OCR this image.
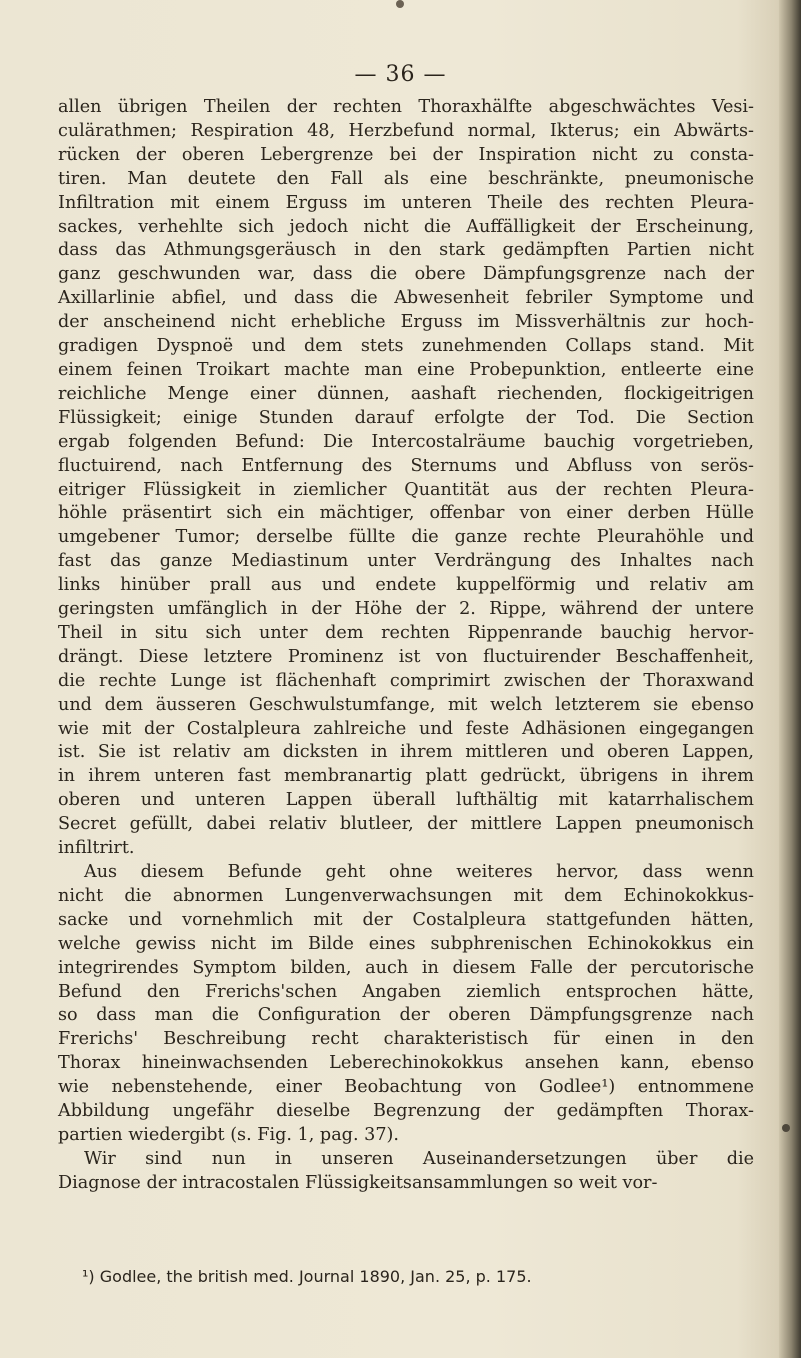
— 36 —
allen übrigen Theilen der rechten Thoraxhälfte abgeschwächtes Vesi-
culärathmen; Respiration 48, Herzbefund normal, Ikterus; ein Abwärts-
rücken der oberen Lebergrenze bei der Inspiration nicht zu consta-
tiren. Man deutete den Fall als eine beschränkte, pneumonische
Infiltration mit einem Erguss im unteren Theile des rechten Pleura-
sackes, verhehlte sich jedoch nicht die Auffälligkeit der Erscheinung,
dass das Athmungsgeräusch in den stark gedämpften Partien nicht
ganz geschwunden war, dass die obere Dämpfungsgrenze nach der
Axillarlinie abfiel, und dass die Abwesenheit febriler Symptome und
der anscheinend nicht erhebliche Erguss im Missverhältnis zur hoch-
gradigen Dyspnoë und dem stets zunehmenden Collaps stand. Mit
einem feinen Troikart machte man eine Probepunktion, entleerte eine
reichliche Menge einer dünnen, aashaft riechenden, flockigeitrigen
Flüssigkeit; einige Stunden darauf erfolgte der Tod. Die Section
ergab folgenden Befund: Die Intercostalräume bauchig vorgetrieben,
fluctuirend, nach Entfernung des Sternums und Abfluss von serös-
eitriger Flüssigkeit in ziemlicher Quantität aus der rechten Pleura-
höhle präsentirt sich ein mächtiger, offenbar von einer derben Hülle
umgebener Tumor; derselbe füllte die ganze rechte Pleurahöhle und
fast das ganze Mediastinum unter Verdrängung des Inhaltes nach
links hinüber prall aus und endete kuppelförmig und relativ am
geringsten umfänglich in der Höhe der 2. Rippe, während der untere
Theil in situ sich unter dem rechten Rippenrande bauchig hervor-
drängt. Diese letztere Prominenz ist von fluctuirender Beschaffenheit,
die rechte Lunge ist flächenhaft comprimirt zwischen der Thoraxwand
und dem äusseren Geschwulstumfange, mit welch letzterem sie ebenso
wie mit der Costalpleura zahlreiche und feste Adhäsionen eingegangen
ist. Sie ist relativ am dicksten in ihrem mittleren und oberen Lappen,
in ihrem unteren fast membranartig platt gedrückt, übrigens in ihrem
oberen und unteren Lappen überall lufthältig mit katarrhalischem
Secret gefüllt, dabei relativ blutleer, der mittlere Lappen pneumonisch
infiltrirt.
Aus diesem Befunde geht ohne weiteres hervor, dass wenn
nicht die abnormen Lungenverwachsungen mit dem Echinokokkus-
sacke und vornehmlich mit der Costalpleura stattgefunden hätten,
welche gewiss nicht im Bilde eines subphrenischen Echinokokkus ein
integrirendes Symptom bilden, auch in diesem Falle der percutorische
Befund den Frerichs'schen Angaben ziemlich entsprochen hätte,
so dass man die Configuration der oberen Dämpfungsgrenze nach
Frerichs' Beschreibung recht charakteristisch für einen in den
Thorax hineinwachsenden Leberechinokokkus ansehen kann, ebenso
wie nebenstehende, einer Beobachtung von Godlee¹) entnommene
Abbildung ungefähr dieselbe Begrenzung der gedämpften Thorax-
partien wiedergibt (s. Fig. 1, pag. 37).
Wir sind nun in unseren Auseinandersetzungen über die
Diagnose der intracostalen Flüssigkeitsansammlungen so weit vor-
¹) Godlee, the british med. Journal 1890, Jan. 25, p. 175.
